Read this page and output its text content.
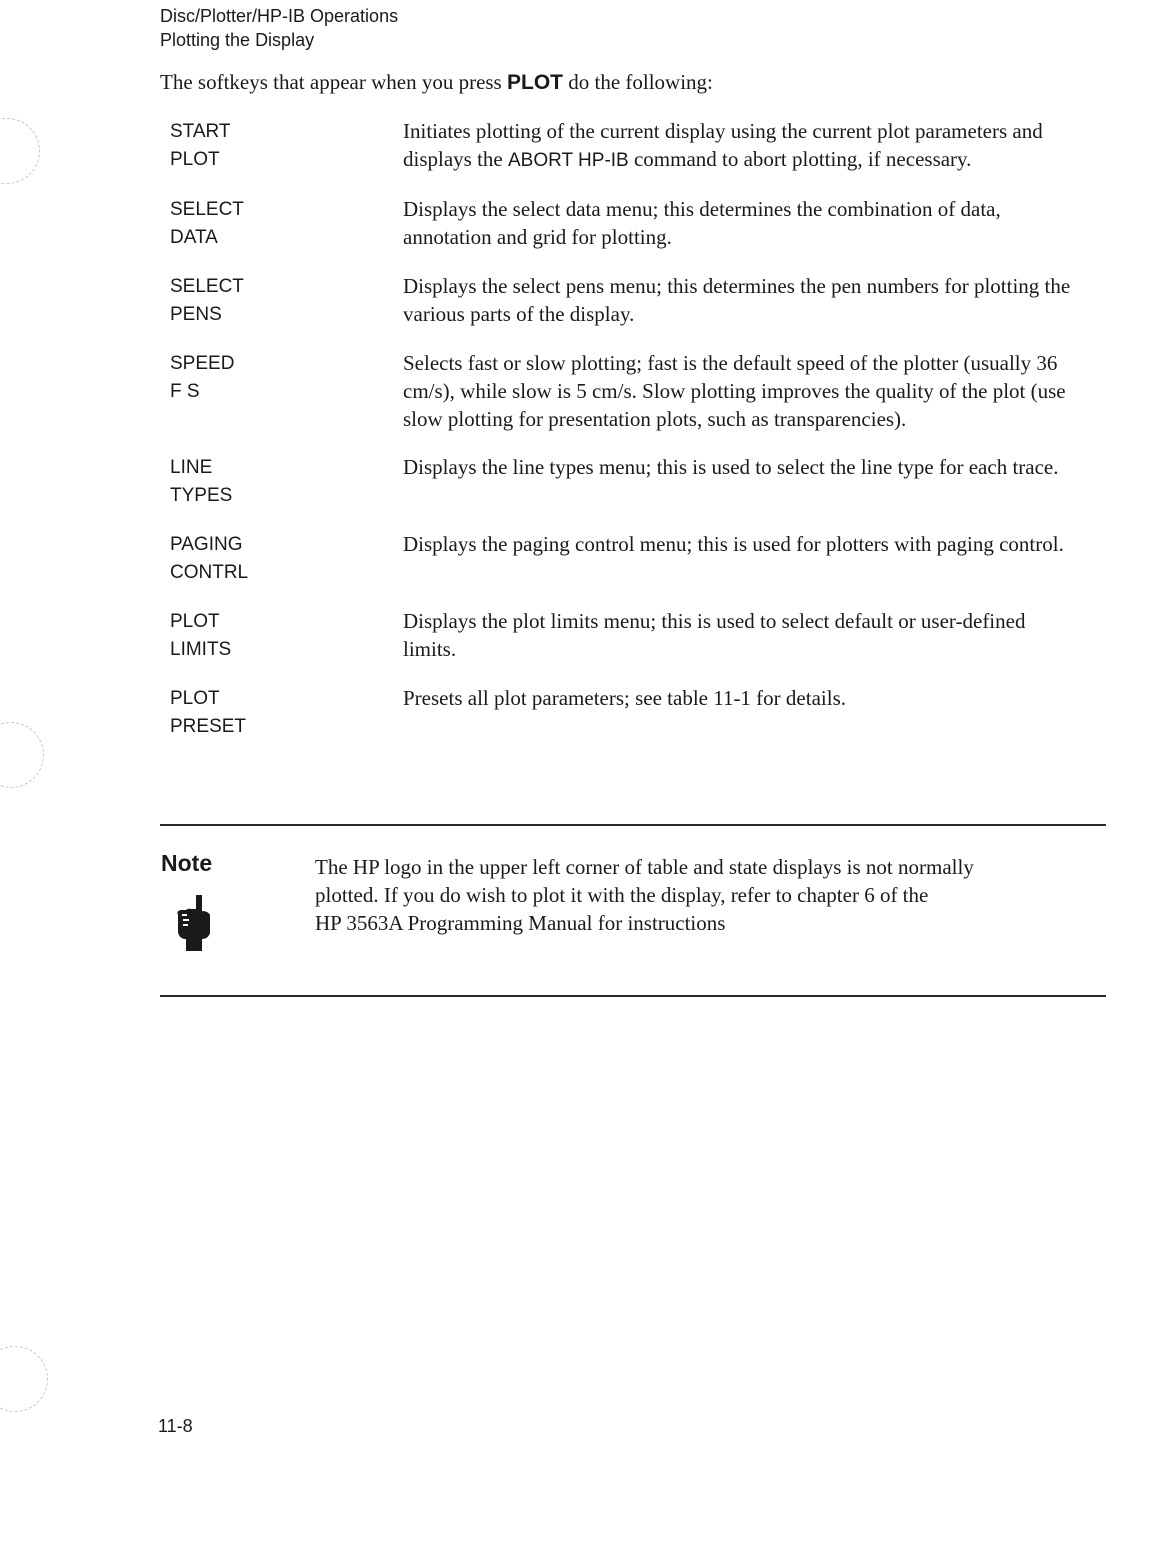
Disc/Plotter/HP-IB Operations
Plotting the Display
The softkeys that appear when you press PLOT do the following:
START
PLOT
Initiates plotting of the current display using the current plot parameters and displays the ABORT HP-IB command to abort plotting, if necessary.
SELECT
DATA
Displays the select data menu; this determines the combination of data, annotation and grid for plotting.
SELECT
PENS
Displays the select pens menu; this determines the pen numbers for plotting the various parts of the display.
SPEED
F S
Selects fast or slow plotting; fast is the default speed of the plotter (usually 36 cm/s), while slow is 5 cm/s. Slow plotting improves the quality of the plot (use slow plotting for presentation plots, such as transparencies).
LINE
TYPES
Displays the line types menu; this is used to select the line type for each trace.
PAGING
CONTRL
Displays the paging control menu; this is used for plotters with paging control.
PLOT
LIMITS
Displays the plot limits menu; this is used to select default or user-defined limits.
PLOT
PRESET
Presets all plot parameters; see table 11-1 for details.
Note	The HP logo in the upper left corner of table and state displays is not normally
plotted. If you do wish to plot it with the display, refer to chapter 6 of the
HP 3563A Programming Manual for instructions
11-8
